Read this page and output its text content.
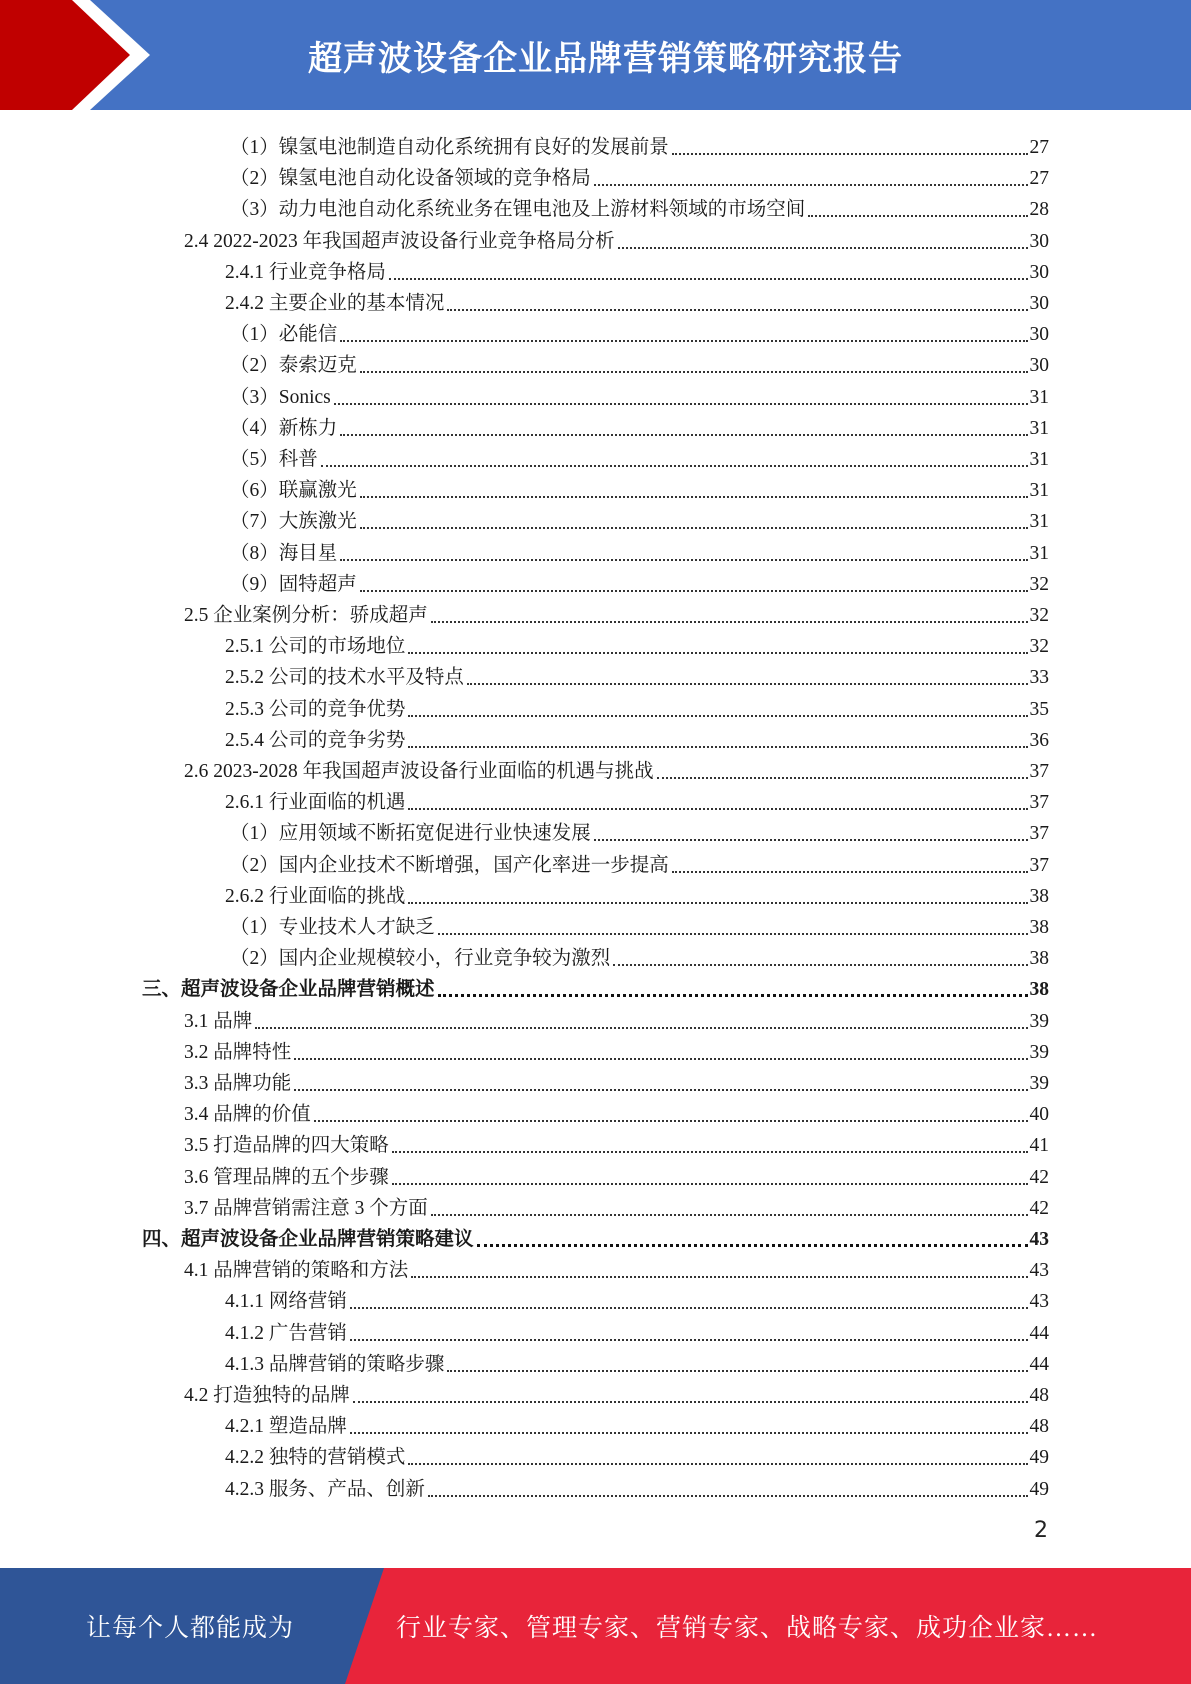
超声波设备企业品牌营销策略研究报告
（1）镍氢电池制造自动化系统拥有良好的发展前景	27
（2）镍氢电池自动化设备领域的竞争格局	27
（3）动力电池自动化系统业务在锂电池及上游材料领域的市场空间	28
2.4 2022-2023 年我国超声波设备行业竞争格局分析	30
2.4.1 行业竞争格局	30
2.4.2 主要企业的基本情况	30
（1）必能信	30
（2）泰索迈克	30
（3）Sonics	31
（4）新栋力	31
（5）科普	31
（6）联赢激光	31
（7）大族激光	31
（8）海目星	31
（9）固特超声	32
2.5 企业案例分析：骄成超声	32
2.5.1 公司的市场地位	32
2.5.2 公司的技术水平及特点	33
2.5.3 公司的竞争优势	35
2.5.4 公司的竞争劣势	36
2.6 2023-2028 年我国超声波设备行业面临的机遇与挑战	37
2.6.1 行业面临的机遇	37
（1）应用领域不断拓宽促进行业快速发展	37
（2）国内企业技术不断增强，国产化率进一步提高	37
2.6.2 行业面临的挑战	38
（1）专业技术人才缺乏	38
（2）国内企业规模较小，行业竞争较为激烈	38
三、超声波设备企业品牌营销概述	38
3.1 品牌	39
3.2 品牌特性	39
3.3 品牌功能	39
3.4 品牌的价值	40
3.5 打造品牌的四大策略	41
3.6 管理品牌的五个步骤	42
3.7 品牌营销需注意 3 个方面	42
四、超声波设备企业品牌营销策略建议	43
4.1 品牌营销的策略和方法	43
4.1.1 网络营销	43
4.1.2 广告营销	44
4.1.3 品牌营销的策略步骤	44
4.2 打造独特的品牌	48
4.2.1 塑造品牌	48
4.2.2 独特的营销模式	49
4.2.3 服务、产品、创新	49
2
让每个人都能成为	行业专家、管理专家、营销专家、战略专家、成功企业家……
